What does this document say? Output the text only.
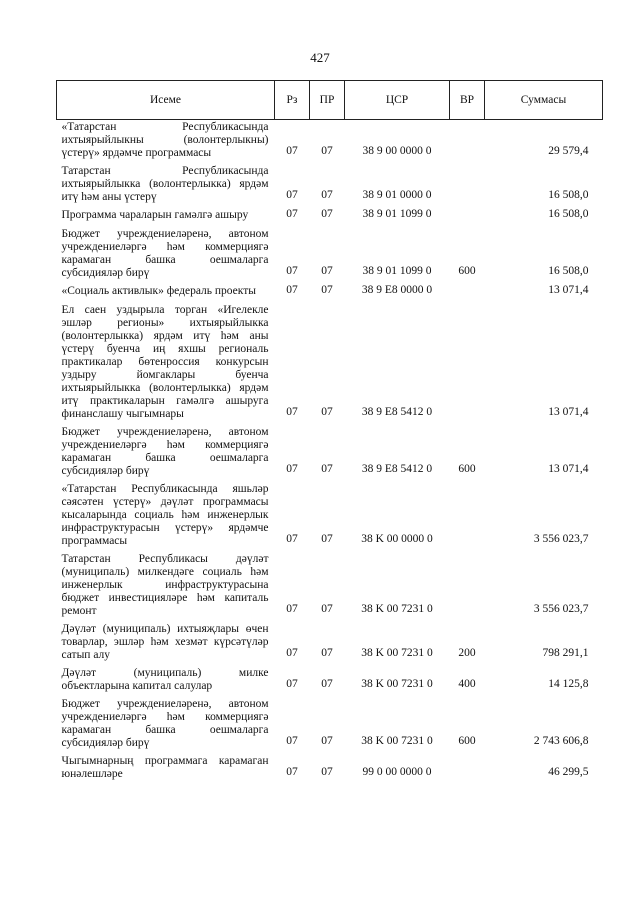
427
Исеме	Рз	ПР	ЦСР	ВР	Суммасы
«Татарстан Республикасында ихтыярыйлыкны (волонтерлыкны) үстерү» ярдәмче программасы	07	07	38 9 00 0000 0		29 579,4
Татарстан Республикасында ихтыярыйлыкка (волонтерлыкка) ярдәм итү һәм аны үстерү	07	07	38 9 01 0000 0		16 508,0
Программа чараларын гамәлгә ашыру	07	07	38 9 01 1099 0		16 508,0
Бюджет учреждениеләренә, автоном учреждениеләргә һәм коммерциягә карамаган башка оешмаларга субсидияләр бирү	07	07	38 9 01 1099 0	600	16 508,0
«Социаль активлык» федераль проекты	07	07	38 9 E8 0000 0		13 071,4
Ел саен уздырыла торган «Игелекле эшләр регионы» ихтыярыйлыкка (волонтерлыкка) ярдәм итү һәм аны үстерү буенча иң яхшы региональ практикалар бөтенроссия конкурсын уздыру йомгаклары буенча ихтыярыйлыкка (волонтерлыкка) ярдәм итү практикаларын гамәлгә ашыруга финанслашу чыгымнары	07	07	38 9 E8 5412 0		13 071,4
Бюджет учреждениеләренә, автоном учреждениеләргә һәм коммерциягә карамаган башка оешмаларга субсидияләр бирү	07	07	38 9 E8 5412 0	600	13 071,4
«Татарстан Республикасында яшьләр сәясәтен үстерү» дәүләт программасы кысаларында социаль һәм инженерлык инфраструктурасын үстерү» ярдәмче программасы	07	07	38 K 00 0000 0		3 556 023,7
Татарстан Республикасы дәүләт (муниципаль) милкендәге социаль һәм инженерлык инфраструктурасына бюджет инвестицияләре һәм капиталь ремонт	07	07	38 K 00 7231 0		3 556 023,7
Дәүләт (муниципаль) ихтыяҗлары өчен товарлар, эшләр һәм хезмәт күрсәтүләр сатып алу	07	07	38 K 00 7231 0	200	798 291,1
Дәүләт (муниципаль) милке объектларына капитал салулар	07	07	38 K 00 7231 0	400	14 125,8
Бюджет учреждениеләренә, автоном учреждениеләргә һәм коммерциягә карамаган башка оешмаларга субсидияләр бирү	07	07	38 K 00 7231 0	600	2 743 606,8
Чыгымнарның программага карамаган юнәлешләре	07	07	99 0 00 0000 0		46 299,5
